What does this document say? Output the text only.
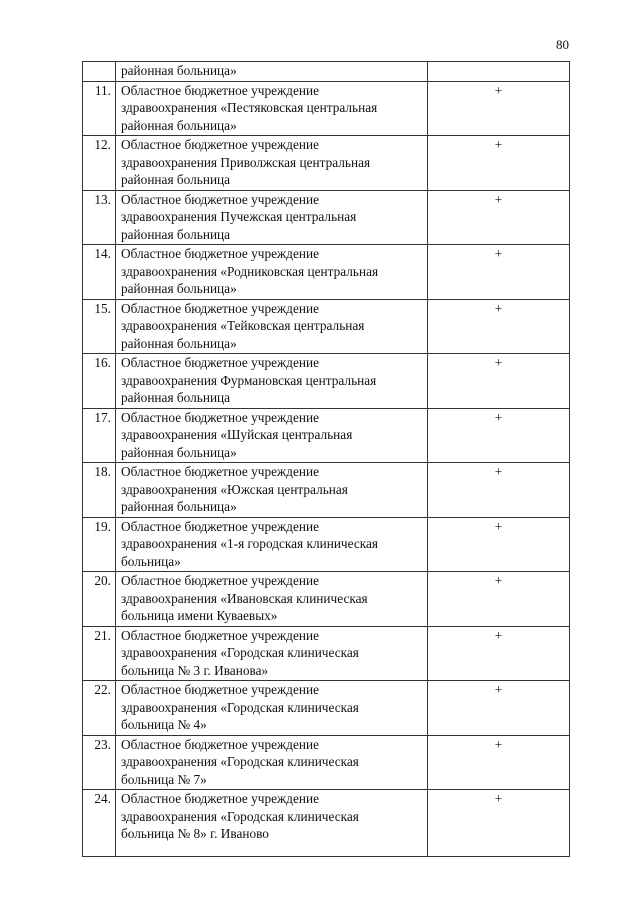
80

	районная больница»	

11.	Областное бюджетное учреждение
здравоохранения «Пестяковская центральная
районная больница»	+
12.	Областное бюджетное учреждение
здравоохранения Приволжская центральная
районная больница	+
13.	Областное бюджетное учреждение
здравоохранения Пучежская центральная
районная больница	+
14.	Областное бюджетное учреждение
здравоохранения «Родниковская центральная
районная больница»	+
15.	Областное бюджетное учреждение
здравоохранения «Тейковская центральная
районная больница»	+
16.	Областное бюджетное учреждение
здравоохранения Фурмановская центральная
районная больница	+
17.	Областное бюджетное учреждение
здравоохранения «Шуйская центральная
районная больница»	+
18.	Областное бюджетное учреждение
здравоохранения «Южская центральная
районная больница»	+
19.	Областное бюджетное учреждение
здравоохранения «1-я городская клиническая
больница»	+
20.	Областное бюджетное учреждение
здравоохранения «Ивановская клиническая
больница имени Куваевых»	+
21.	Областное бюджетное учреждение
здравоохранения «Городская клиническая
больница № 3 г. Иванова»	+
22.	Областное бюджетное учреждение
здравоохранения «Городская клиническая
больница № 4»	+
23.	Областное бюджетное учреждение
здравоохранения «Городская клиническая
больница № 7»	+
24.	Областное бюджетное учреждение
здравоохранения «Городская клиническая
больница № 8» г. Иваново	+
